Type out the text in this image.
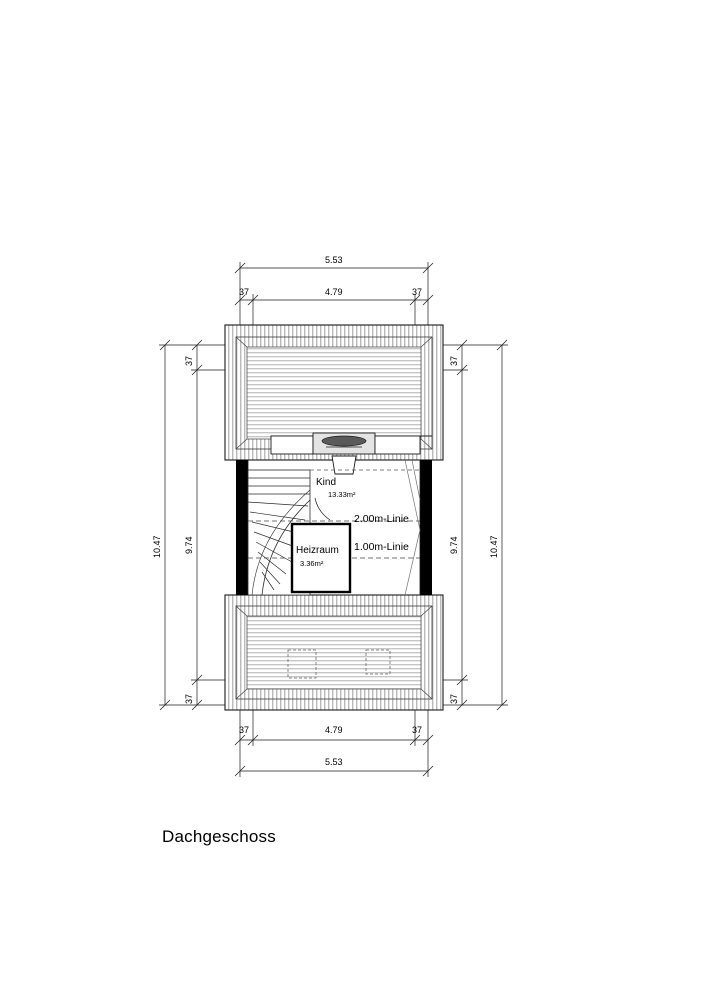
5.53
4.79
37	37
4.79
37	37
5.53
10.47 9.74
37
37
9.74	10.47
37
37
Kind
13.33m²
Heizraum
3.36m²
2.00m-Linie
1.00m-Linie
Dachgeschoss
